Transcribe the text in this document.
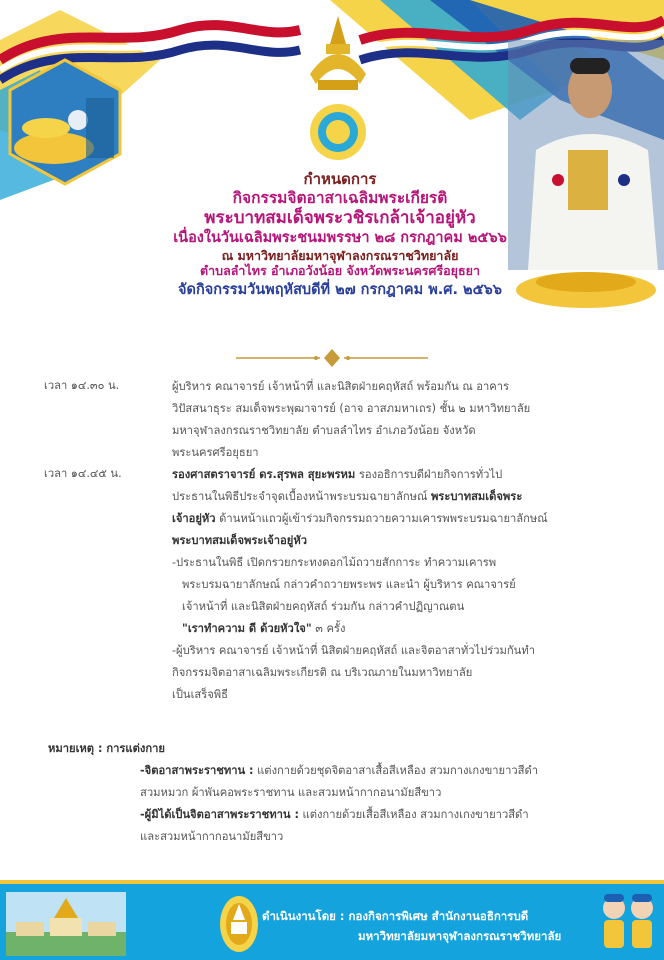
กำหนดการ
กิจกรรมจิตอาสาเฉลิมพระเกียรติ
พระบาทสมเด็จพระวชิรเกล้าเจ้าอยู่หัว
เนื่องในวันเฉลิมพระชนมพรรษา ๒๘ กรกฎาคม ๒๕๖๖
ณ มหาวิทยาลัยมหาจุฬาลงกรณราชวิทยาลัย
ตำบลลำไทร อำเภอวังน้อย จังหวัดพระนครศรีอยุธยา
จัดกิจกรรมวันพฤหัสบดีที่ ๒๗ กรกฎาคม พ.ศ. ๒๕๖๖
เวลา ๑๔.๓๐ น.	ผู้บริหาร คณาจารย์ เจ้าหน้าที่ และนิสิตฝ่ายคฤหัสถ์ พร้อมกัน ณ อาคาร

วิปัสสนาธุระ สมเด็จพระพุฒาจารย์ (อาจ อาสภมหาเถร) ชั้น ๒ มหาวิทยาลัย

มหาจุฬาลงกรณราชวิทยาลัย ตำบลลำไทร อำเภอวังน้อย จังหวัด

พระนครศรีอยุธยา

เวลา ๑๔.๔๕ น.	รองศาสตราจารย์ ดร.สุรพล สุยะพรหม รองอธิการบดีฝ่ายกิจการทั่วไป

ประธานในพิธีประจำจุดเบื้องหน้าพระบรมฉายาลักษณ์ พระบาทสมเด็จพระ

เจ้าอยู่หัว ด้านหน้าแถวผู้เข้าร่วมกิจกรรมถวายความเคารพพระบรมฉายาลักษณ์

พระบาทสมเด็จพระเจ้าอยู่หัว

-ประธานในพิธี เปิดกรวยกระทงดอกไม้ถวายสักการะ ทำความเคารพ

พระบรมฉายาลักษณ์ กล่าวคำถวายพระพร และนำ ผู้บริหาร คณาจารย์

เจ้าหน้าที่ และนิสิตฝ่ายคฤหัสถ์ ร่วมกัน กล่าวคำปฏิญาณตน

"เราทำความ ดี ด้วยหัวใจ" ๓ ครั้ง

-ผู้บริหาร คณาจารย์ เจ้าหน้าที่ นิสิตฝ่ายคฤหัสถ์ และจิตอาสาทั่วไปร่วมกันทำ

กิจกรรมจิตอาสาเฉลิมพระเกียรติ ณ บริเวณภายในมหาวิทยาลัย

เป็นเสร็จพิธี

หมายเหตุ : การแต่งกาย
-จิตอาสาพระราชทาน : แต่งกายด้วยชุดจิตอาสาเสื้อสีเหลือง สวมกางเกงขายาวสีดำ
สวมหมวก ผ้าพันคอพระราชทาน และสวมหน้ากากอนามัยสีขาว
-ผู้มิได้เป็นจิตอาสาพระราชทาน : แต่งกายด้วยเสื้อสีเหลือง สวมกางเกงขายาวสีดำ
และสวมหน้ากากอนามัยสีขาว
ดำเนินงานโดย : กองกิจการพิเศษ สำนักงานอธิการบดี
มหาวิทยาลัยมหาจุฬาลงกรณราชวิทยาลัย
